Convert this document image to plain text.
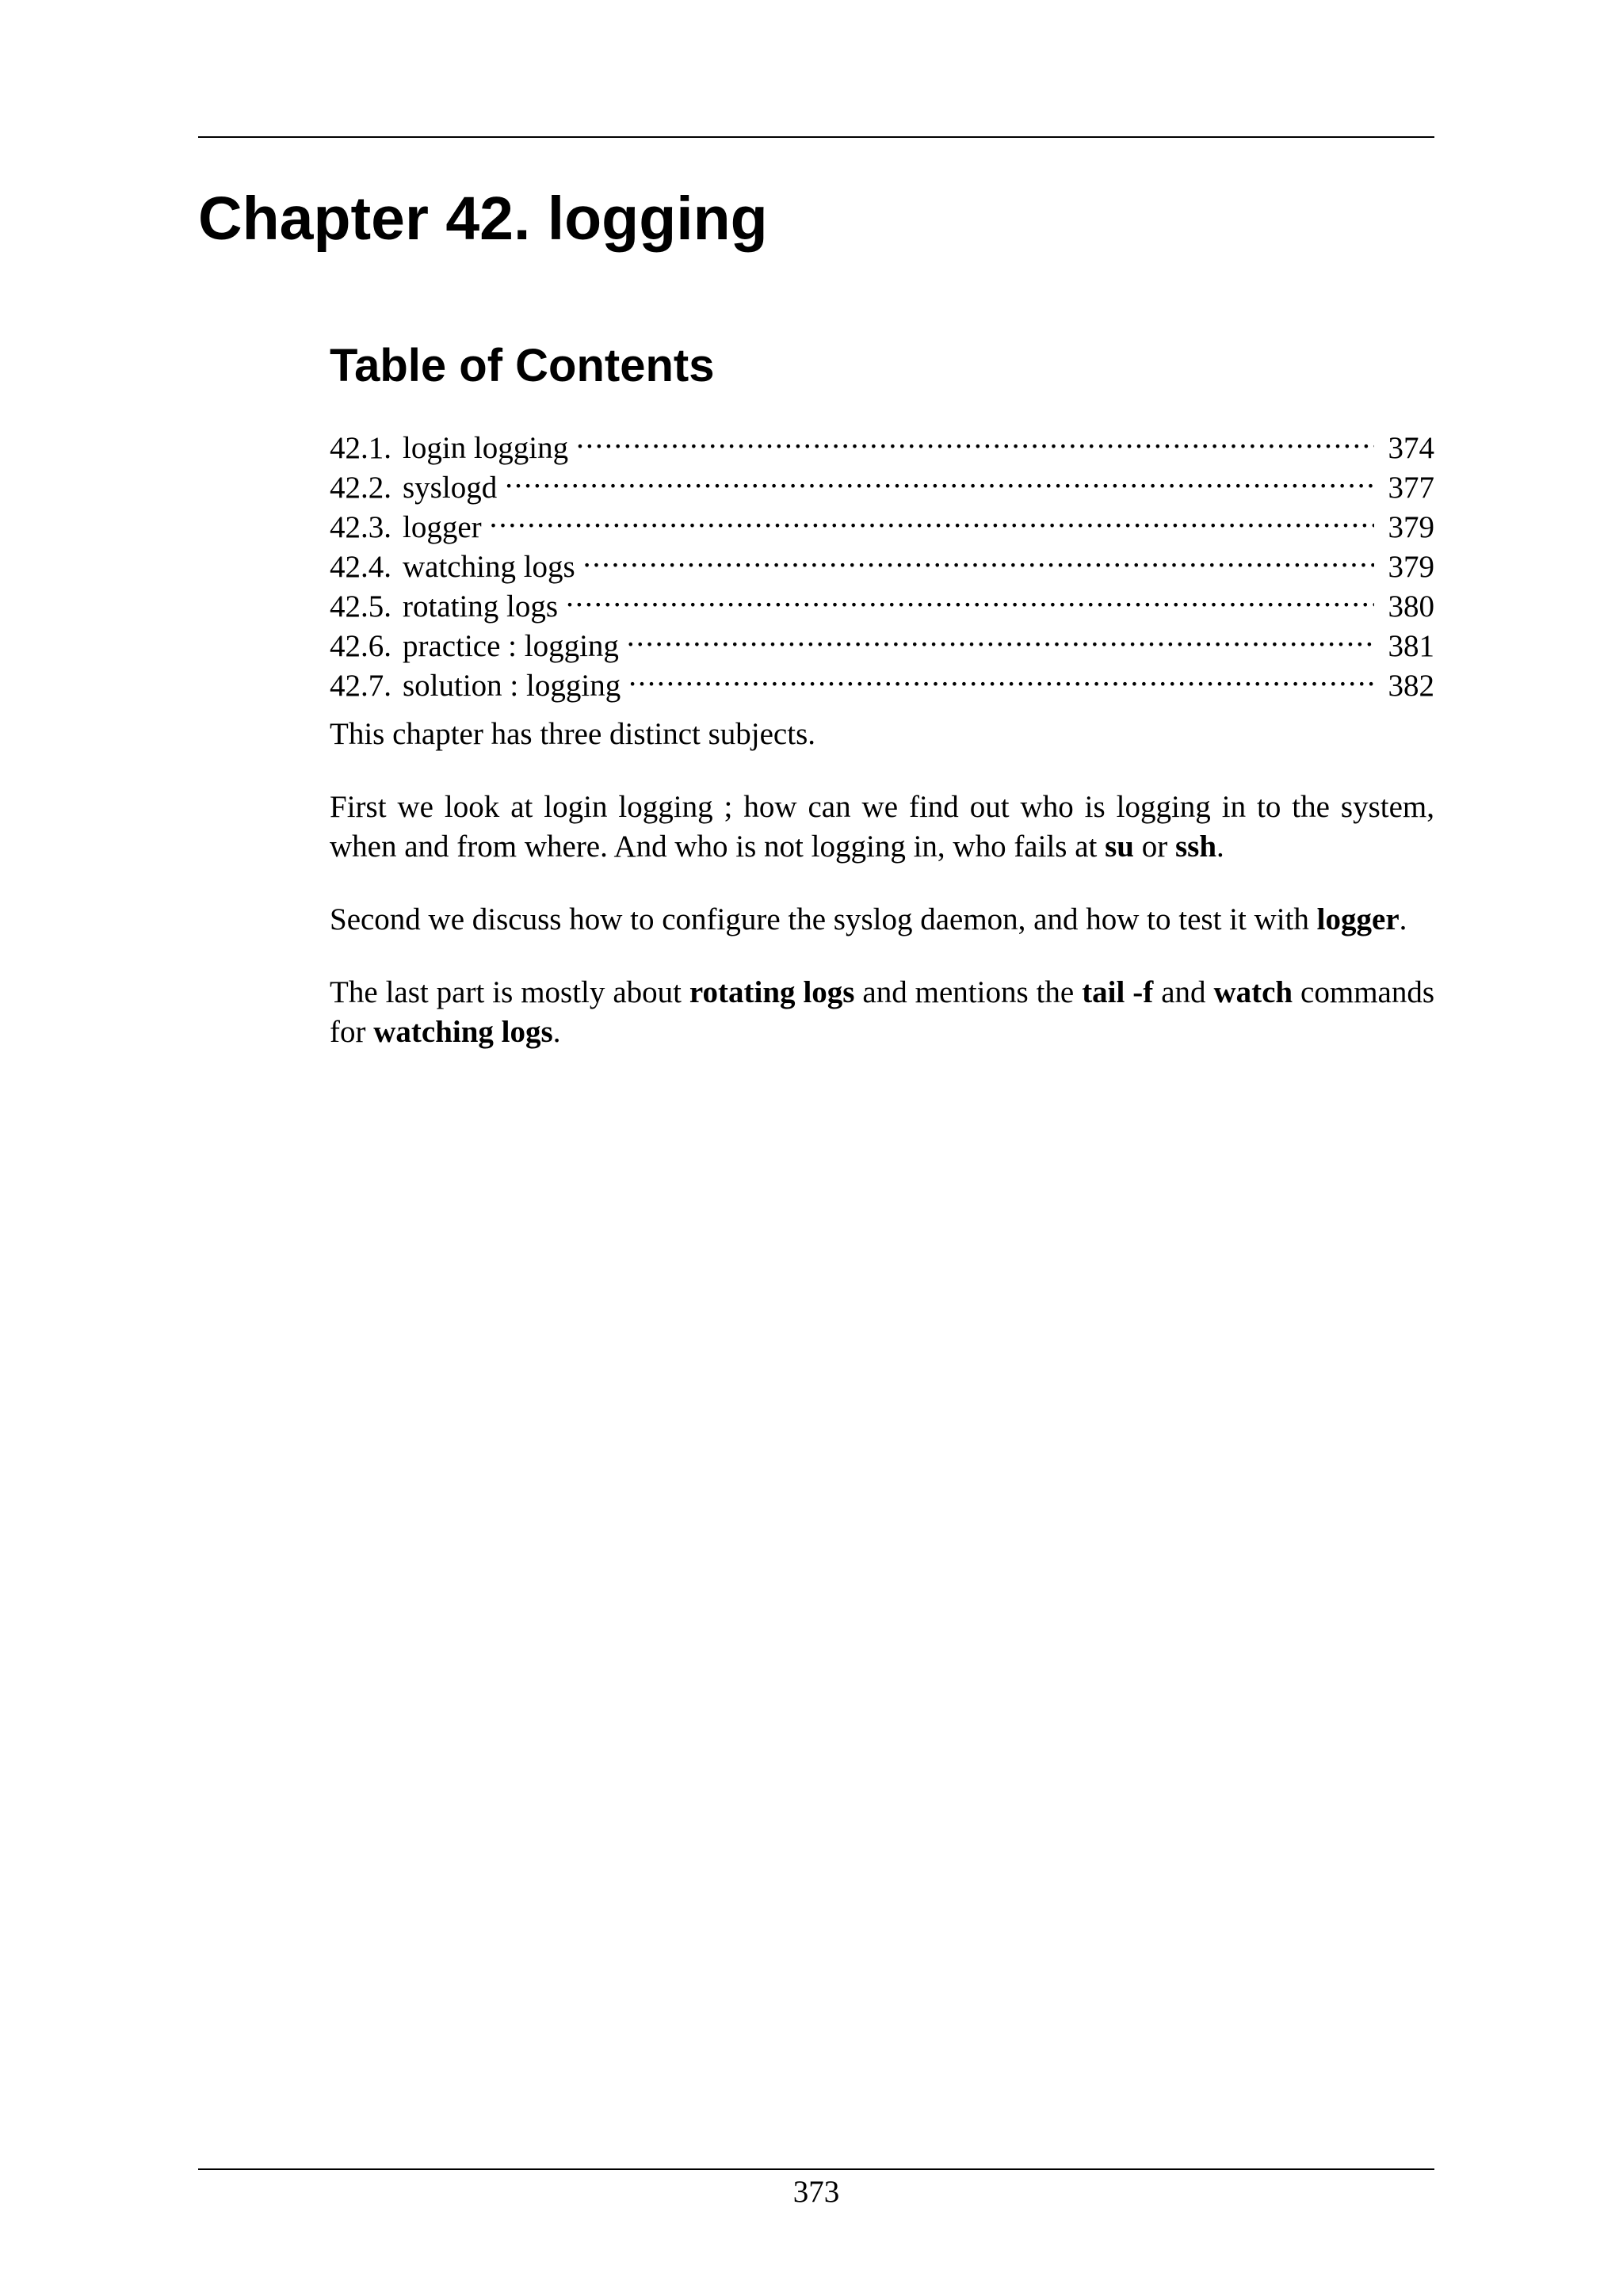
Chapter 42. logging
Table of Contents
42.1. login logging .....	374
42.2. syslogd .....	377
42.3. logger .....	379
42.4. watching logs .....	379
42.5. rotating logs .....	380
42.6. practice : logging .....	381
42.7. solution : logging .....	382

This chapter has three distinct subjects.

First we look at login logging ; how can we find out who is logging in to the system, when and from where. And who is not logging in, who fails at su or ssh.

Second we discuss how to configure the syslog daemon, and how to test it with logger.

The last part is mostly about rotating logs and mentions the tail -f and watch commands for watching logs.

373
